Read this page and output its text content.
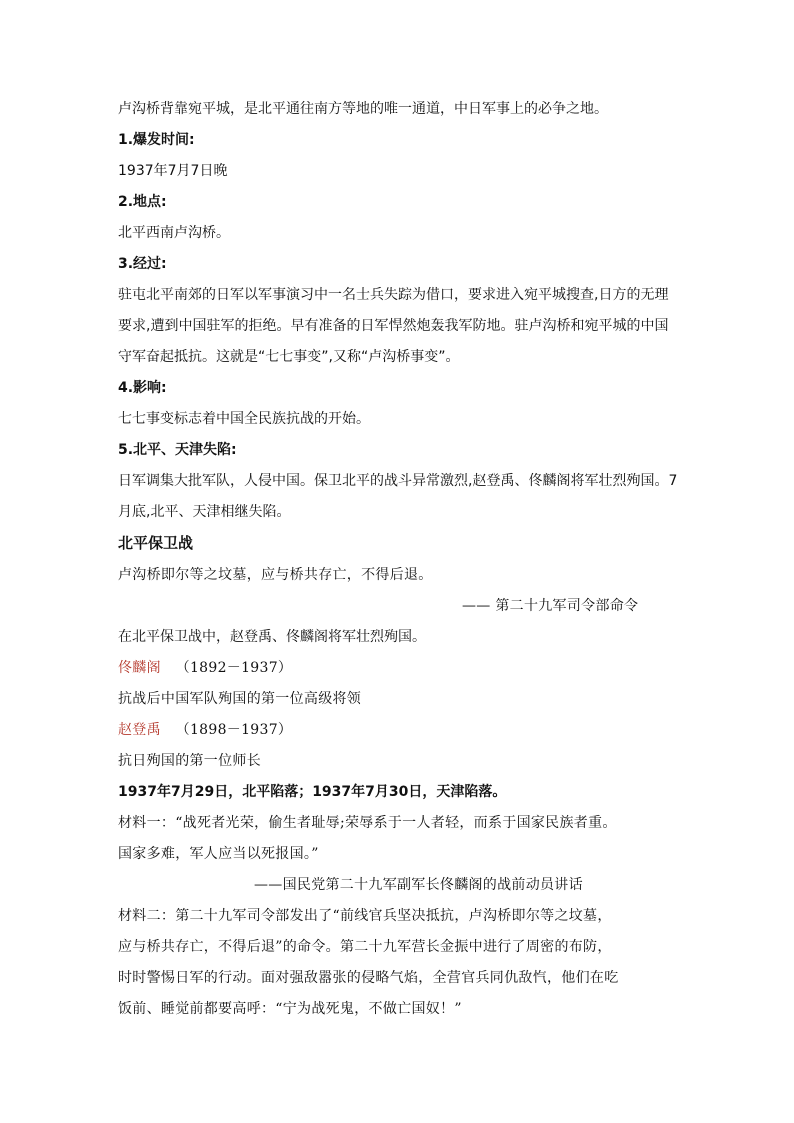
卢沟桥背靠宛平城，是北平通往南方等地的唯一通道，中日军事上的必争之地。
1.爆发时间:
1937年7月7日晚
2.地点:
北平西南卢沟桥。
3.经过:
驻屯北平南郊的日军以军事演习中一名士兵失踪为借口，要求进入宛平城搜查,日方的无理
要求,遭到中国驻军的拒绝。早有准备的日军悍然炮轰我军防地。驻卢沟桥和宛平城的中国
守军奋起抵抗。这就是“七七事变”,又称“卢沟桥事变”。
4.影响:
七七事变标志着中国全民族抗战的开始。
5.北平、天津失陷:
日军调集大批军队，人侵中国。保卫北平的战斗异常激烈,赵登禹、佟麟阁将军壮烈殉国。7
月底,北平、天津相继失陷。
北平保卫战
卢沟桥即尔等之坟墓，应与桥共存亡，不得后退。
—— 第二十九军司令部命令
在北平保卫战中，赵登禹、佟麟阁将军壮烈殉国。
佟麟阁 （1892－1937）
抗战后中国军队殉国的第一位高级将领
赵登禹 （1898－1937）
抗日殉国的第一位师长
1937年7月29日，北平陷落；1937年7月30日，天津陷落。
材料一：“战死者光荣，偷生者耻辱;荣辱系于一人者轻，而系于国家民族者重。
国家多难，军人应当以死报国。”
——国民党第二十九军副军长佟麟阁的战前动员讲话
材料二：第二十九军司令部发出了“前线官兵坚决抵抗，卢沟桥即尔等之坟墓，
应与桥共存亡，不得后退”的命令。第二十九军营长金振中进行了周密的布防，
时时警惕日军的行动。面对强敌嚣张的侵略气焰，全营官兵同仇敌忾，他们在吃
饭前、睡觉前都要高呼：“宁为战死鬼，不做亡国奴！”
